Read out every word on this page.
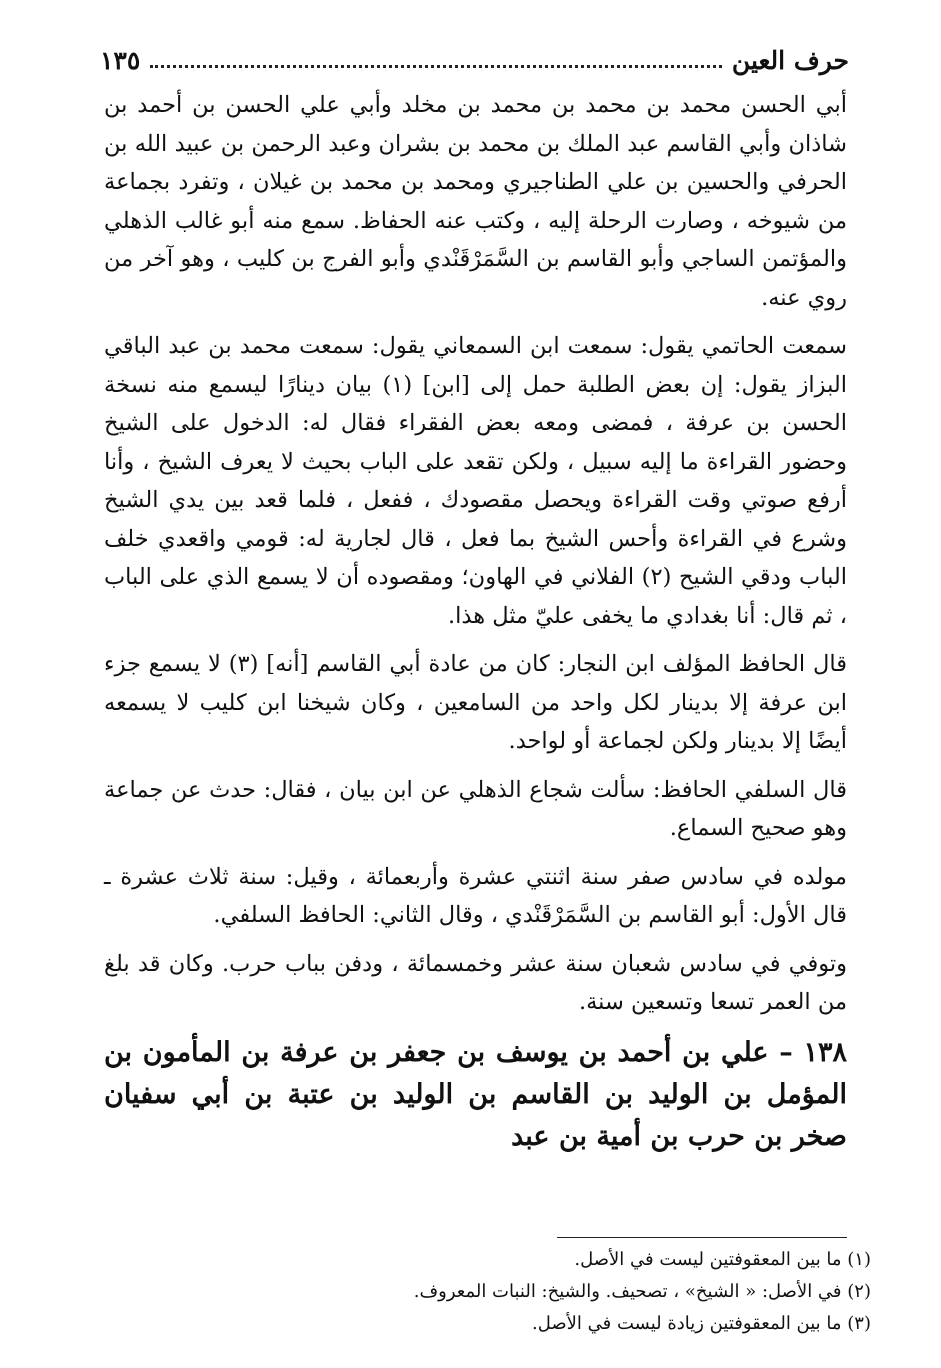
حرف العين
١٣٥

أبي الحسن محمد بن محمد بن محمد بن مخلد وأبي علي الحسن بن أحمد بن شاذان وأبي القاسم عبد الملك بن محمد بن بشران وعبد الرحمن بن عبيد الله بن الحرفي والحسين بن علي الطناجيري ومحمد بن محمد بن غيلان ، وتفرد بجماعة من شيوخه ، وصارت الرحلة إليه ، وكتب عنه الحفاظ. سمع منه أبو غالب الذهلي والمؤتمن الساجي وأبو القاسم بن السَّمَرْقَنْدي وأبو الفرج بن كليب ، وهو آخر من روي عنه.

سمعت الحاتمي يقول: سمعت ابن السمعاني يقول: سمعت محمد بن عبد الباقي البزاز يقول: إن بعض الطلبة حمل إلى [ابن] (١) بيان دينارًا ليسمع منه نسخة الحسن بن عرفة ، فمضى ومعه بعض الفقراء فقال له: الدخول على الشيخ وحضور القراءة ما إليه سبيل ، ولكن تقعد على الباب بحيث لا يعرف الشيخ ، وأنا أرفع صوتي وقت القراءة ويحصل مقصودك ، ففعل ، فلما قعد بين يدي الشيخ وشرع في القراءة وأحس الشيخ بما فعل ، قال لجارية له: قومي واقعدي خلف الباب ودقي الشيح (٢) الفلاني في الهاون؛ ومقصوده أن لا يسمع الذي على الباب ، ثم قال: أنا بغدادي ما يخفى عليّ مثل هذا.

قال الحافظ المؤلف ابن النجار: كان من عادة أبي القاسم [أنه] (٣) لا يسمع جزء ابن عرفة إلا بدينار لكل واحد من السامعين ، وكان شيخنا ابن كليب لا يسمعه أيضًا إلا بدينار ولكن لجماعة أو لواحد.

قال السلفي الحافظ: سألت شجاع الذهلي عن ابن بيان ، فقال: حدث عن جماعة وهو صحيح السماع.

مولده في سادس صفر سنة اثنتي عشرة وأربعمائة ، وقيل: سنة ثلاث عشرة ـ قال الأول: أبو القاسم بن السَّمَرْقَنْدي ، وقال الثاني: الحافظ السلفي.

وتوفي في سادس شعبان سنة عشر وخمسمائة ، ودفن بباب حرب. وكان قد بلغ من العمر تسعا وتسعين سنة.

١٣٨ – علي بن أحمد بن يوسف بن جعفر بن عرفة بن المأمون بن المؤمل بن الوليد بن القاسم بن الوليد بن عتبة بن أبي سفيان صخر بن حرب بن أمية بن عبد

(١) ما بين المعقوفتين ليست في الأصل.
(٢) في الأصل: « الشيخ» ، تصحيف. والشيخ: النبات المعروف.
(٣) ما بين المعقوفتين زيادة ليست في الأصل.
